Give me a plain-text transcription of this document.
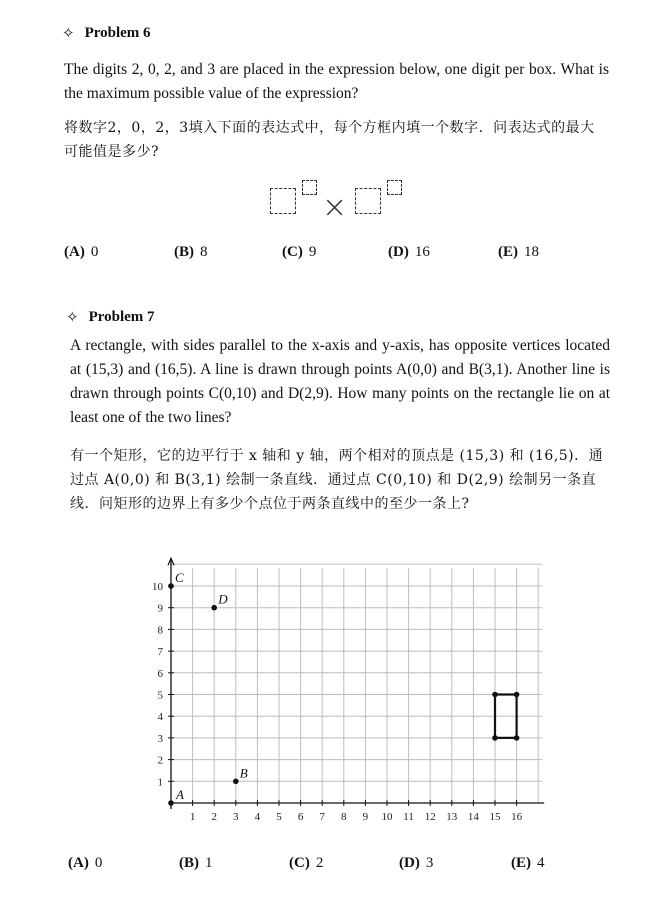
✧ Problem 6
The digits 2, 0, 2, and 3 are placed in the expression below, one digit per box. What is the maximum possible value of the expression?
将数字2，0，2，3填入下面的表达式中，每个方框内填一个数字．问表达式的最大可能值是多少?
×
(A) 0	(B) 8	(C) 9	(D) 16	(E) 18
✧ Problem 7
A rectangle, with sides parallel to the x-axis and y-axis, has opposite vertices located at (15,3) and (16,5). A line is drawn through points A(0,0) and B(3,1). Another line is drawn through points C(0,10) and D(2,9). How many points on the rectangle lie on at least one of the two lines?
有一个矩形，它的边平行于 x 轴和 y 轴，两个相对的顶点是 (15,3) 和 (16,5)．通过点 A(0,0) 和 B(3,1) 绘制一条直线．通过点 C(0,10) 和 D(2,9) 绘制另一条直线．问矩形的边界上有多少个点位于两条直线中的至少一条上?
1 2 3 4 5 6 7 8 9 10 11 12 13 14 15 16
1
2
3
4
5
6
7
8
9
10
A
B
C
D
(A) 0	(B) 1	(C) 2	(D) 3	(E) 4
